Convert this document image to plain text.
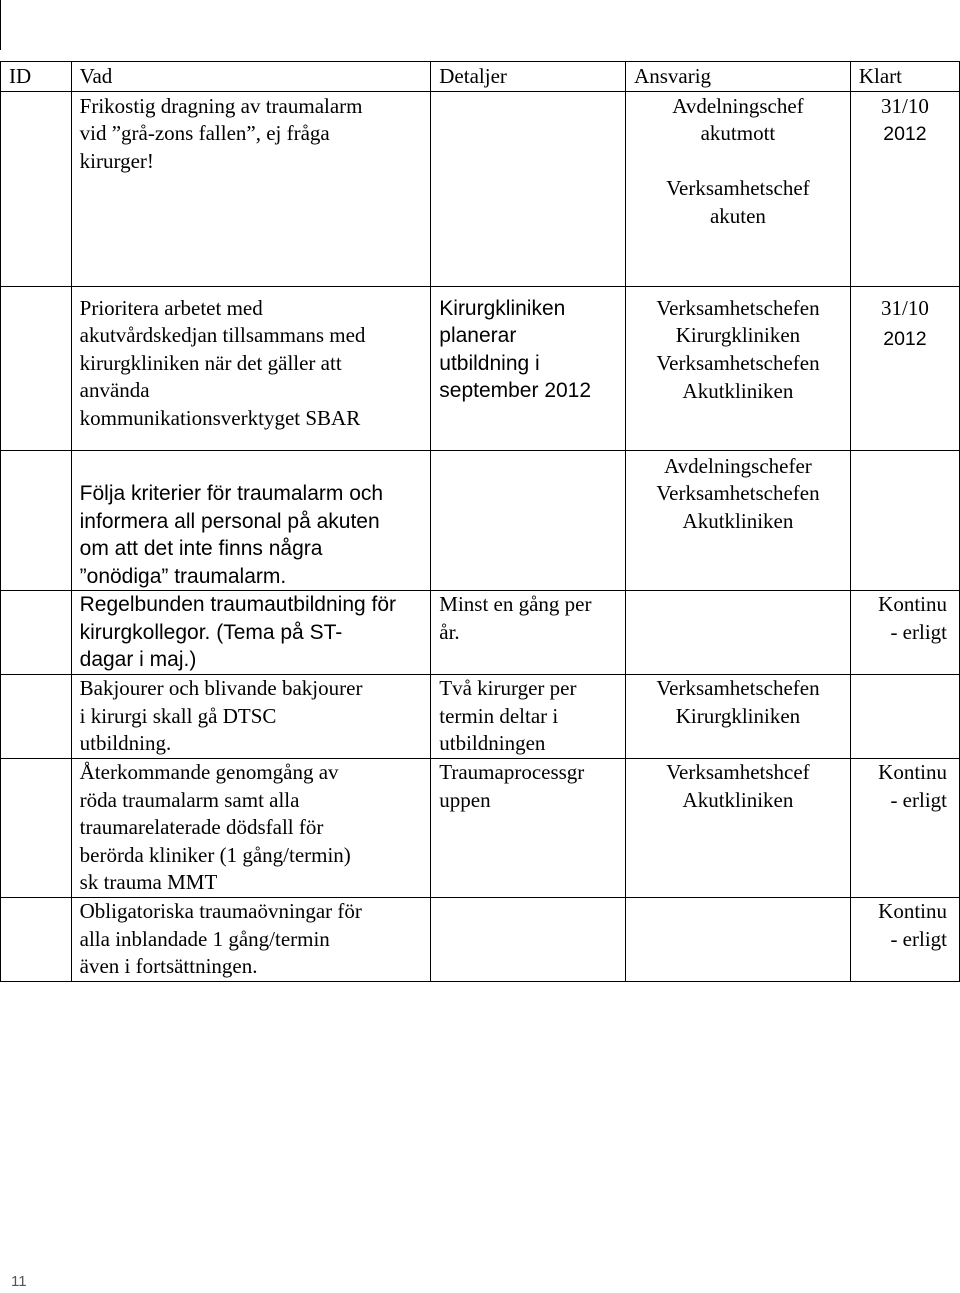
ID	Vad	Detaljer	Ansvarig	Klart

	Frikostig dragning av traumalarm
vid ”grå-zons fallen”, ej fråga
kirurger!		Avdelningschef
akutmott
Verksamhetschef
akuten	31/10
2012

	Prioritera arbetet med
akutvårdskedjan tillsammans med
kirurgkliniken när det gäller att
använda
kommunikationsverktyget SBAR	Kirurgkliniken
planerar
utbildning i
september 2012	Verksamhetschefen
Kirurgkliniken
Verksamhetschefen
Akutkliniken	31/10
2012

	Följa kriterier för traumalarm och
informera all personal på akuten
om att det inte finns några
”onödiga” traumalarm.		Avdelningschefer
Verksamhetschefen
Akutkliniken	

	Regelbunden traumautbildning för
kirurgkollegor. (Tema på ST-
dagar i maj.)	Minst en gång per
år.		Kontinu
- erligt

	Bakjourer och blivande bakjourer
i kirurgi skall gå DTSC
utbildning.	Två kirurger per
termin deltar i
utbildningen	Verksamhetschefen
Kirurgkliniken	

	Återkommande genomgång av
röda traumalarm samt alla
traumarelaterade dödsfall för
berörda kliniker (1 gång/termin)
sk trauma MMT	Traumaprocessgr
uppen	Verksamhetshcef
Akutkliniken	Kontinu
- erligt

	Obligatoriska traumaövningar för
alla inblandade 1 gång/termin
även i fortsättningen.			Kontinu
- erligt
11
